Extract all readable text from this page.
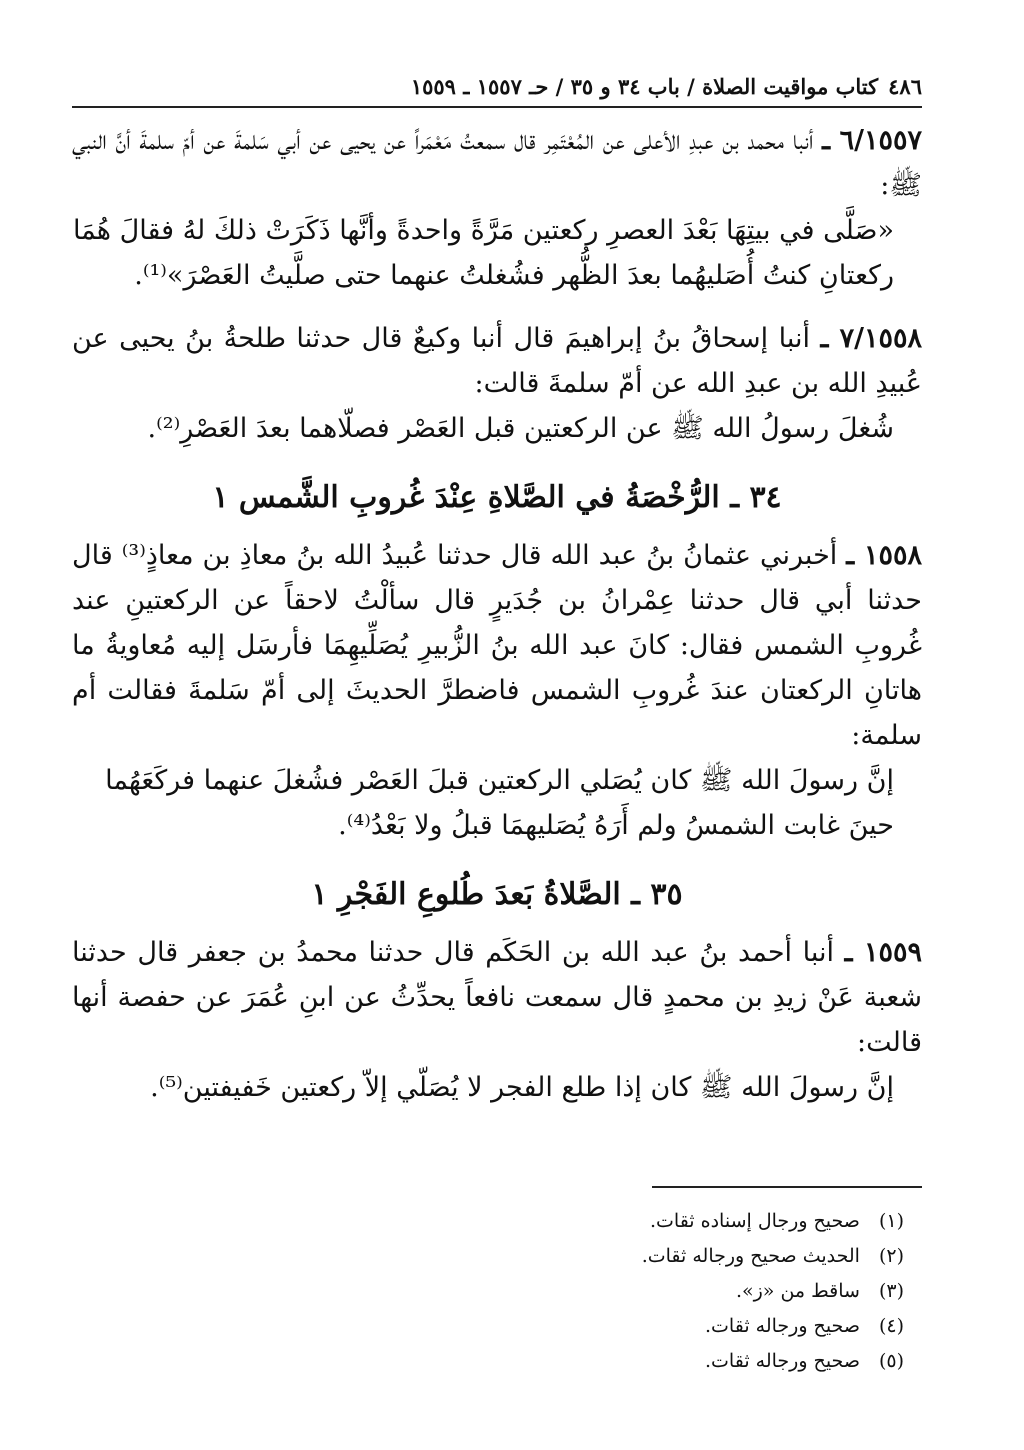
٤٨٦
كتاب مواقيت الصلاة / باب ٣٤ و ٣٥ / حـ ١٥٥٧ ـ ١٥٥٩

٦/١٥٥٧ ـ أنبا محمد بن عبدِ الأعلى عن المُعْتَمِر قال سمعتُ مَعْمَراً عن يحيى عن أبي سَلمةَ عن أمّ سلمةَ أنَّ النبي ﷺ:

«صَلَّى في بيتِهَا بَعْدَ العصرِ ركعتين مَرَّةً واحدةً وأنَّها ذَكَرَتْ ذلكَ لهُ فقالَ هُمَا ركعتانِ كنتُ أُصَليهُما بعدَ الظُّهر فشُغلتُ عنهما حتى صلَّيتُ العَصْرَ»⁽¹⁾.

٧/١٥٥٨ ـ أنبا إسحاقُ بنُ إبراهيمَ قال أنبا وكيعٌ قال حدثنا طلحةُ بنُ يحيى عن عُبيدِ الله بن عبدِ الله عن أمّ سلمةَ قالت:

شُغلَ رسولُ الله ﷺ عن الركعتين قبل العَصْر فصلّاهما بعدَ العَصْرِ⁽²⁾.

٣٤ ـ الرُّخْصَةُ في الصَّلاةِ عِنْدَ غُروبِ الشَّمس ١

١٥٥٨ ـ أخبرني عثمانُ بنُ عبد الله قال حدثنا عُبيدُ الله بنُ معاذِ بن معاذٍ⁽³⁾ قال حدثنا أبي قال حدثنا عِمْرانُ بن جُدَيرٍ قال سألْتُ لاحقاً عن الركعتينِ عند غُروبِ الشمس فقال: كانَ عبد الله بنُ الزُّبيرِ يُصَلِّيهِمَا فأرسَل إليه مُعاويةُ ما هاتانِ الركعتان عندَ غُروبِ الشمس فاضطرَّ الحديثَ إلى أمّ سَلمةَ فقالت أم سلمة:

إنَّ رسولَ الله ﷺ كان يُصَلي الركعتين قبلَ العَصْر فشُغلَ عنهما فركَعَهُما حينَ غابت الشمسُ ولم أَرَهُ يُصَليهمَا قبلُ ولا بَعْدُ⁽⁴⁾.

٣٥ ـ الصَّلاةُ بَعدَ طُلوعِ الفَجْرِ ١

١٥٥٩ ـ أنبا أحمد بنُ عبد الله بن الحَكَم قال حدثنا محمدُ بن جعفر قال حدثنا شعبة عَنْ زيدِ بن محمدٍ قال سمعت نافعاً يحدِّثُ عن ابنِ عُمَرَ عن حفصة أنها قالت:

إنَّ رسولَ الله ﷺ كان إذا طلع الفجر لا يُصَلّي إلاّ ركعتين خَفيفتين⁽⁵⁾.

(١) صحيح ورجال إسناده ثقات.
(٢) الحديث صحيح ورجاله ثقات.
(٣) ساقط من «ز».
(٤) صحيح ورجاله ثقات.
(٥) صحيح ورجاله ثقات.
